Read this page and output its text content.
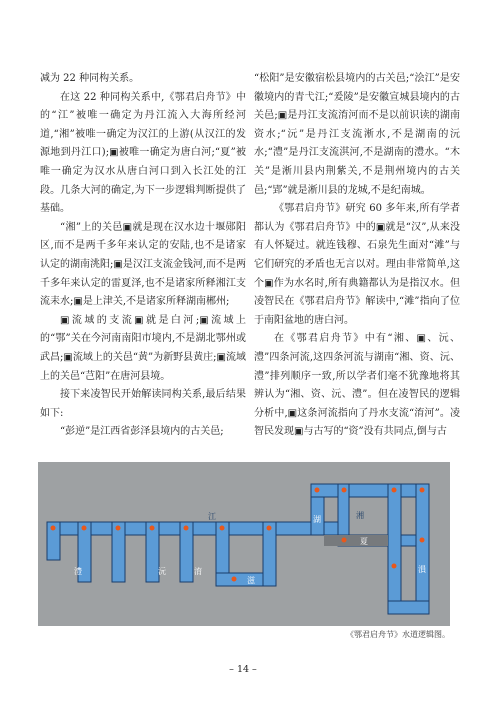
减为 22 种同构关系。

在这 22 种同构关系中,《鄂君启舟节》中的“江”被唯一确定为丹江流入大海所经河道,“湘”被唯一确定为汉江的上游(从汉江的发源地到丹江口);▣被唯一确定为唐白河;“夏”被唯一确定为汉水从唐白河口到入长江处的江段。几条大河的确定,为下一步逻辑判断提供了基础。

“湘”上的关邑▣就是现在汉水边十堰郧阳区,而不是两千多年来认定的安陆,也不是诸家认定的湖南洮阳;▣是汉江支流金钱河,而不是两千多年来认定的雷夏泽,也不是诸家所释湘江支流耒水;▣是上津关,不是诸家所释湖南郴州;

▣流域的支流▣就是白河;▣流域上的“鄂”关在今河南南阳市境内,不是湖北鄂州或武昌;▣流域上的关邑“黄”为新野县黄庄;▣流域上的关邑“芑阳”在唐河县境。

接下来凌智民开始解读同构关系,最后结果如下:

“彭逆”是江西省彭泽县境内的古关邑;

“松阳”是安徽宿松县境内的古关邑;“浍江”是安徽境内的青弋江;“爰陵”是安徽宣城县境内的古关邑;▣是丹江支流淯河而不是以前识读的湖南资水;“沅”是丹江支流淅水,不是湖南的沅水;“澧”是丹江支流淇河,不是湖南的澧水。“木关”是淅川县内荆紫关,不是荆州境内的古关邑;“郢”就是淅川县的龙城,不是纪南城。

《鄂君启舟节》研究 60 多年来,所有学者都认为《鄂君启舟节》中的▣就是“汉”,从来没有人怀疑过。就连钱穆、石泉先生面对“滩”与它们研究的矛盾也无言以对。理由非常简单,这个▣作为水名时,所有典籍都认为是指汉水。但凌智民在《鄂君启舟节》解读中,“滩”指向了位于南阳盆地的唐白河。

在《鄂君启舟节》中有“湘、▣、沅、澧”四条河流,这四条河流与湖南“湘、资、沅、澧”排列顺序一致,所以学者们毫不犹豫地将其辨认为“湘、资、沅、澧”。但在凌智民的逻辑分析中,▣这条河流指向了丹水支流“淯河”。凌智民发现▣与古写的“资”没有共同点,倒与古

江	湖	湘
夏
澧	沅	淯
滋
溳
《鄂君启舟节》水道逻辑图。
– 14 –
